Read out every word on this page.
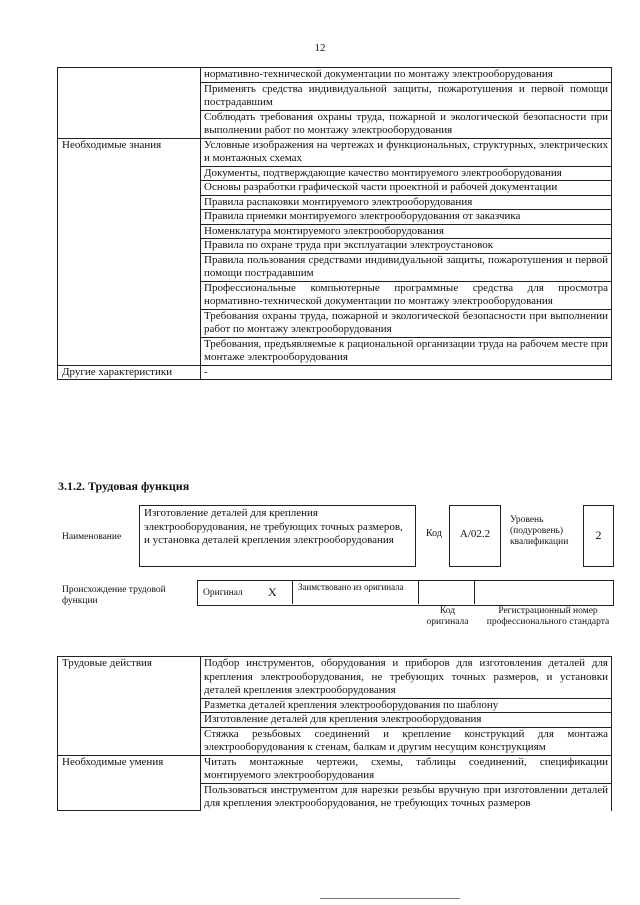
12
	нормативно-технической документации по монтажу электрооборудования
	Применять средства индивидуальной защиты, пожаротушения и первой помощи пострадавшим
	Соблюдать требования охраны труда, пожарной и экологической безопасности при выполнении работ по монтажу электрооборудования
Необходимые знания	Условные изображения на чертежах и функциональных, структурных, электрических и монтажных схемах
	Документы, подтверждающие качество монтируемого электрооборудования
	Основы разработки графической части проектной и рабочей документации
	Правила распаковки монтируемого электрооборудования
	Правила приемки монтируемого электрооборудования от заказчика
	Номенклатура монтируемого электрооборудования
	Правила по охране труда при эксплуатации электроустановок
	Правила пользования средствами индивидуальной защиты, пожаротушения и первой помощи пострадавшим
	Профессиональные компьютерные программные средства для просмотра нормативно-технической документации по монтажу электрооборудования
	Требования охраны труда, пожарной и экологической безопасности при выполнении работ по монтажу электрооборудования
	Требования, предъявляемые к рациональной организации труда на рабочем месте при монтаже электрооборудования
Другие характеристики	-
3.1.2. Трудовая функция
Наименование
Изготовление деталей для крепления электрооборудования, не требующих точных размеров, и установка деталей крепления электрооборудования
Код	А/02.2
Уровень (подуровень) квалификации	2
Происхождение трудовой функции
Оригинал X Заимствовано из оригинала
Код оригинала
Регистрационный номер профессионального стандарта
Трудовые действия	Подбор инструментов, оборудования и приборов для изготовления деталей для крепления электрооборудования, не требующих точных размеров, и установки деталей крепления электрооборудования
	Разметка деталей крепления электрооборудования по шаблону
	Изготовление деталей для крепления электрооборудования
	Стяжка резьбовых соединений и крепление конструкций для монтажа электрооборудования к стенам, балкам и другим несущим конструкциям
Необходимые умения	Читать монтажные чертежи, схемы, таблицы соединений, спецификации монтируемого электрооборудования
	Пользоваться инструментом для нарезки резьбы вручную при изготовлении деталей для крепления электрооборудования, не требующих точных размеров
